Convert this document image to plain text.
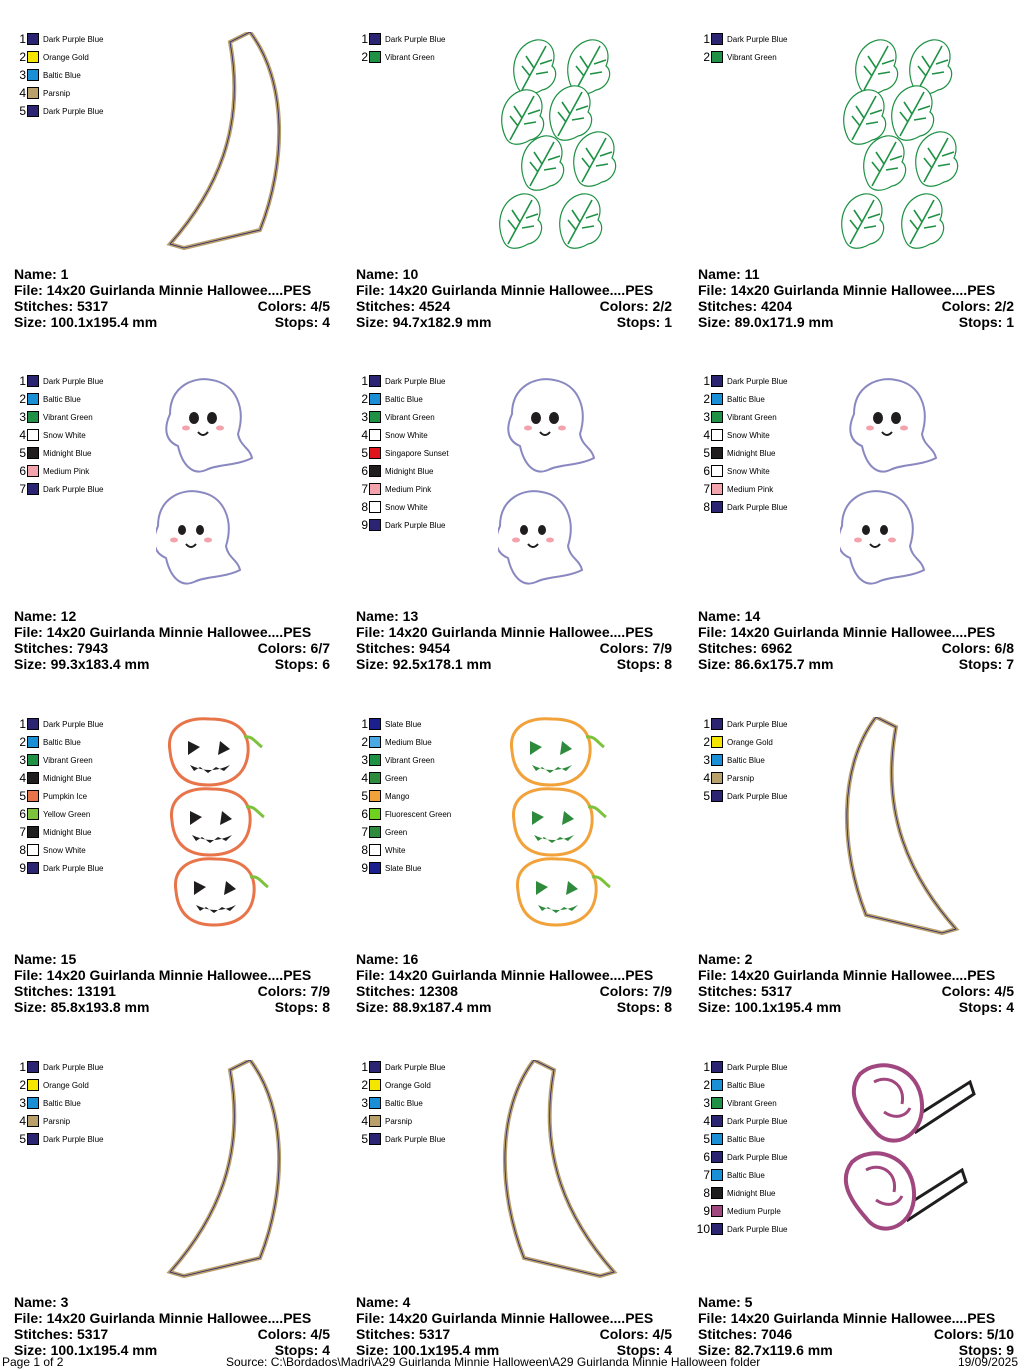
1 Dark Purple Blue
2 Orange Gold
3 Baltic Blue
4 Parsnip
5 Dark Purple Blue
Name: 1
File: 14x20 Guirlanda Minnie Hallowee....PES
Stitches: 5317	Colors: 4/5
Size: 100.1x195.4 mm	Stops: 4
1 Dark Purple Blue
2 Vibrant Green
Name: 10
File: 14x20 Guirlanda Minnie Hallowee....PES
Stitches: 4524	Colors: 2/2
Size: 94.7x182.9 mm	Stops: 1
1 Dark Purple Blue
2 Vibrant Green
Name: 11
File: 14x20 Guirlanda Minnie Hallowee....PES
Stitches: 4204	Colors: 2/2
Size: 89.0x171.9 mm	Stops: 1
1 Dark Purple Blue
2 Baltic Blue
3 Vibrant Green
4 Snow White
5 Midnight Blue
6 Medium Pink
7 Dark Purple Blue
Name: 12
File: 14x20 Guirlanda Minnie Hallowee....PES
Stitches: 7943	Colors: 6/7
Size: 99.3x183.4 mm	Stops: 6
1 Dark Purple Blue
2 Baltic Blue
3 Vibrant Green
4 Snow White
5 Singapore Sunset
6 Midnight Blue
7 Medium Pink
8 Snow White
9 Dark Purple Blue
Name: 13
File: 14x20 Guirlanda Minnie Hallowee....PES
Stitches: 9454	Colors: 7/9
Size: 92.5x178.1 mm	Stops: 8
1 Dark Purple Blue
2 Baltic Blue
3 Vibrant Green
4 Snow White
5 Midnight Blue
6 Snow White
7 Medium Pink
8 Dark Purple Blue
Name: 14
File: 14x20 Guirlanda Minnie Hallowee....PES
Stitches: 6962	Colors: 6/8
Size: 86.6x175.7 mm	Stops: 7
1 Dark Purple Blue
2 Baltic Blue
3 Vibrant Green
4 Midnight Blue
5 Pumpkin Ice
6 Yellow Green
7 Midnight Blue
8 Snow White
9 Dark Purple Blue
Name: 15
File: 14x20 Guirlanda Minnie Hallowee....PES
Stitches: 13191	Colors: 7/9
Size: 85.8x193.8 mm	Stops: 8
1 Slate Blue
2 Medium Blue
3 Vibrant Green
4 Green
5 Mango
6 Fluorescent Green
7 Green
8 White
9 Slate Blue
Name: 16
File: 14x20 Guirlanda Minnie Hallowee....PES
Stitches: 12308	Colors: 7/9
Size: 88.9x187.4 mm	Stops: 8
1 Dark Purple Blue
2 Orange Gold
3 Baltic Blue
4 Parsnip
5 Dark Purple Blue
Name: 2
File: 14x20 Guirlanda Minnie Hallowee....PES
Stitches: 5317	Colors: 4/5
Size: 100.1x195.4 mm	Stops: 4
1 Dark Purple Blue
2 Orange Gold
3 Baltic Blue
4 Parsnip
5 Dark Purple Blue
Name: 3
File: 14x20 Guirlanda Minnie Hallowee....PES
Stitches: 5317	Colors: 4/5
Size: 100.1x195.4 mm	Stops: 4
1 Dark Purple Blue
2 Orange Gold
3 Baltic Blue
4 Parsnip
5 Dark Purple Blue
Name: 4
File: 14x20 Guirlanda Minnie Hallowee....PES
Stitches: 5317	Colors: 4/5
Size: 100.1x195.4 mm	Stops: 4
1 Dark Purple Blue
2 Baltic Blue
3 Vibrant Green
4 Dark Purple Blue
5 Baltic Blue
6 Dark Purple Blue
7 Baltic Blue
8 Midnight Blue
9 Medium Purple
10 Dark Purple Blue
Name: 5
File: 14x20 Guirlanda Minnie Hallowee....PES
Stitches: 7046	Colors: 5/10
Size: 82.7x119.6 mm	Stops: 9
Page 1 of 2	Source: C:\Bordados\Madri\A29 Guirlanda Minnie Halloween\A29 Guirlanda Minnie Halloween folder	19/09/2025
